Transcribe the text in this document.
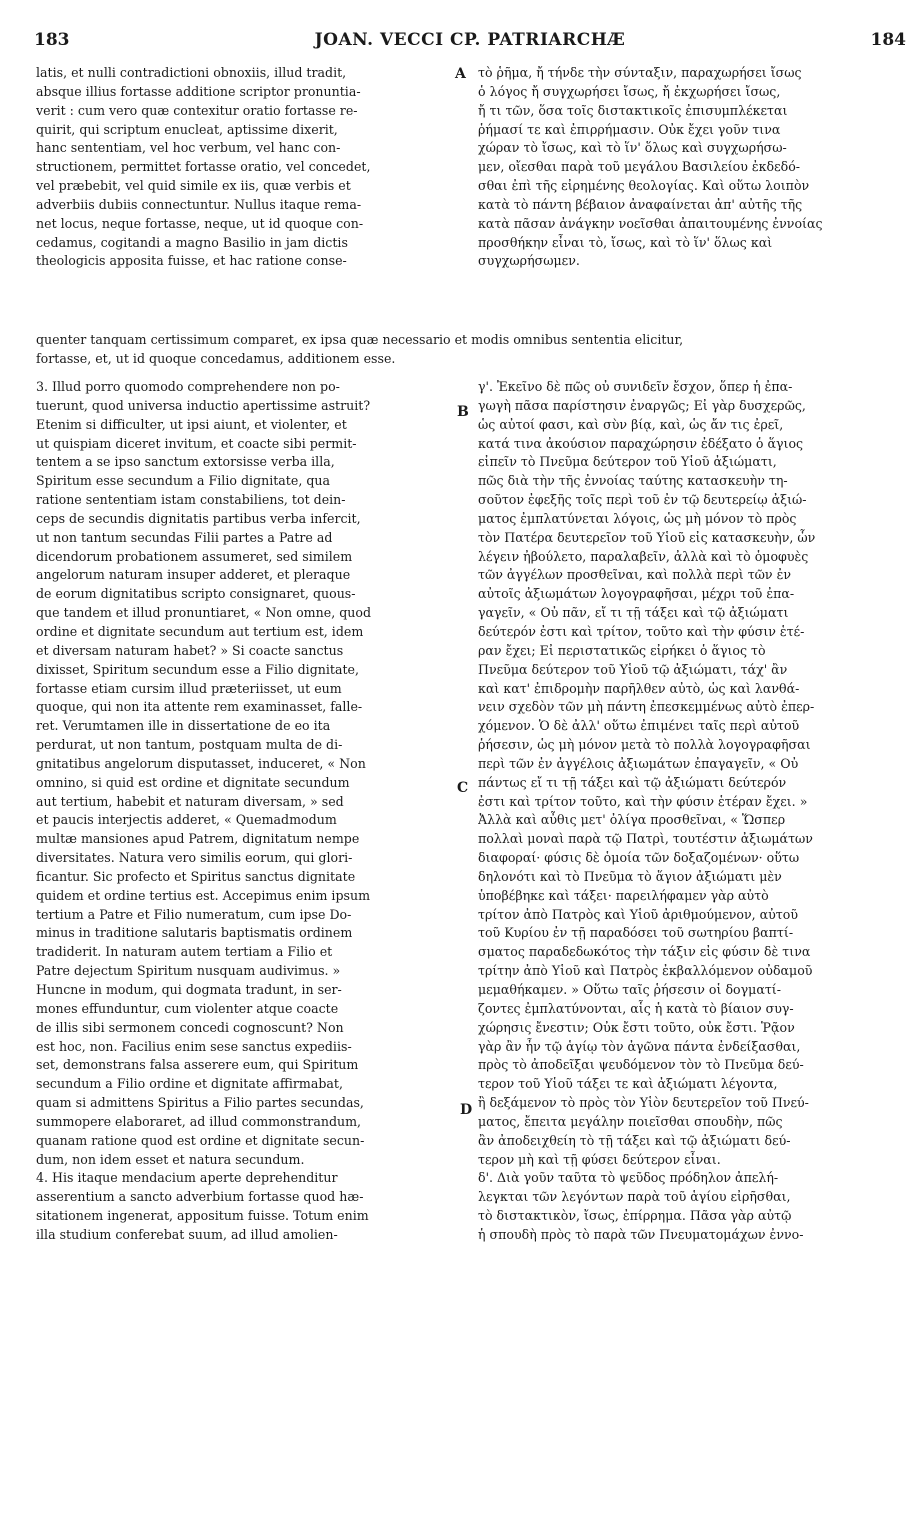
183	JOAN. VECCI CP. PATRIARCHÆ	184
A
B
C
D
latis, et nulli contradictioni obnoxiis, illud tradit,
absque illius fortasse additione scriptor pronuntia-
verit : cum vero quæ contexitur oratio fortasse re-
quirit, qui scriptum enucleat, aptissime dixerit,
hanc sententiam, vel hoc verbum, vel hanc con-
structionem, permittet fortasse oratio, vel concedet,
vel præbebit, vel quid simile ex iis, quæ verbis et
adverbiis dubiis connectuntur. Nullus itaque rema-
net locus, neque fortasse, neque, ut id quoque con-
cedamus, cogitandi a magno Basilio in jam dictis
theologicis apposita fuisse, et hac ratione conse-
τὸ ῥῆμα, ἤ τήνδε τὴν σύνταξιν, παραχωρήσει ἴσως
ὁ λόγος ἤ συγχωρήσει ἴσως, ἤ ἐκχωρήσει ἴσως,
ἤ τι τῶν, ὅσα τοῖς διστακτικοῖς ἐπισυμπλέκεται
ῥήμασί τε καὶ ἐπιρρήμασιν. Οὐκ ἔχει γοῦν τινα
χώραν τὸ ἴσως, καὶ τὸ ἵν' ὅλως καὶ συγχωρήσω-
μεν, οἴεσθαι παρὰ τοῦ μεγάλου Βασιλείου ἐκδεδό-
σθαι ἐπὶ τῆς εἰρημένης θεολογίας. Καὶ οὕτω λοιπὸν
κατὰ τὸ πάντη βέβαιον ἀναφαίνεται ἀπ' αὐτῆς τῆς
κατὰ πᾶσαν ἀνάγκην νοεῖσθαι ἀπαιτουμένης ἐννοίας
προσθήκην εἶναι τὸ, ἴσως, καὶ τὸ ἵν' ὅλως καὶ
συγχωρήσωμεν.
quenter tanquam certissimum comparet, ex ipsa quæ necessario et modis omnibus sententia elicitur,
fortasse, et, ut id quoque concedamus, additionem esse.
3. Illud porro quomodo comprehendere non po-
tuerunt, quod universa inductio apertissime astruit?
Etenim si difficulter, ut ipsi aiunt, et violenter, et
ut quispiam diceret invitum, et coacte sibi permit-
tentem a se ipso sanctum extorsisse verba illa,
Spiritum esse secundum a Filio dignitate, qua
ratione sententiam istam constabiliens, tot dein-
ceps de secundis dignitatis partibus verba infercit,
ut non tantum secundas Filii partes a Patre ad
dicendorum probationem assumeret, sed similem
angelorum naturam insuper adderet, et pleraque
de eorum dignitatibus scripto consignaret, quous-
que tandem et illud pronuntiaret, « Non omne, quod
ordine et dignitate secundum aut tertium est, idem
et diversam naturam habet? » Si coacte sanctus
dixisset, Spiritum secundum esse a Filio dignitate,
fortasse etiam cursim illud præteriisset, ut eum
quoque, qui non ita attente rem examinasset, falle-
ret. Verumtamen ille in dissertatione de eo ita
perdurat, ut non tantum, postquam multa de di-
gnitatibus angelorum disputasset, induceret, « Non
omnino, si quid est ordine et dignitate secundum
aut tertium, habebit et naturam diversam, » sed
et paucis interjectis adderet, « Quemadmodum
multæ mansiones apud Patrem, dignitatum nempe
diversitates. Natura vero similis eorum, qui glori-
ficantur. Sic profecto et Spiritus sanctus dignitate
quidem et ordine tertius est. Accepimus enim ipsum
tertium a Patre et Filio numeratum, cum ipse Do-
minus in traditione salutaris baptismatis ordinem
tradiderit. In naturam autem tertiam a Filio et
Patre dejectum Spiritum nusquam audivimus. »
Huncne in modum, qui dogmata tradunt, in ser-
mones effunduntur, cum violenter atque coacte
de illis sibi sermonem concedi cognoscunt? Non
est hoc, non. Facilius enim sese sanctus expediis-
set, demonstrans falsa asserere eum, qui Spiritum
secundum a Filio ordine et dignitate affirmabat,
quam si admittens Spiritus a Filio partes secundas,
summopere elaboraret, ad illud commonstrandum,
quanam ratione quod est ordine et dignitate secun-
dum, non idem esset et natura secundum.
4. His itaque mendacium aperte deprehenditur
asserentium a sancto adverbium fortasse quod hæ-
sitationem ingenerat, appositum fuisse. Totum enim
illa studium conferebat suum, ad illud amolien-
γ'. Ἐκεῖνο δὲ πῶς οὐ συνιδεῖν ἔσχον, ὅπερ ἡ ἐπα-
γωγὴ πᾶσα παρίστησιν ἐναργῶς; Εἰ γὰρ δυσχερῶς,
ὡς αὐτοί φασι, καὶ σὺν βίᾳ, καὶ, ὡς ἄν τις ἐρεῖ,
κατά τινα ἀκούσιον παραχώρησιν ἐδέξατο ὁ ἅγιος
εἰπεῖν τὸ Πνεῦμα δεύτερον τοῦ Υἱοῦ ἀξιώματι,
πῶς διὰ τὴν τῆς ἐννοίας ταύτης κατασκευὴν τη-
σοῦτον ἐφεξῆς τοῖς περὶ τοῦ ἐν τῷ δευτερείῳ ἀξιώ-
ματος ἐμπλατύνεται λόγοις, ὡς μὴ μόνον τὸ πρὸς
τὸν Πατέρα δευτερεῖον τοῦ Υἱοῦ εἰς κατασκευὴν, ὧν
λέγειν ἠβούλετο, παραλαβεῖν, ἀλλὰ καὶ τὸ ὁμοφυὲς
τῶν ἀγγέλων προσθεῖναι, καὶ πολλὰ περὶ τῶν ἐν
αὐτοῖς ἀξιωμάτων λογογραφῆσαι, μέχρι τοῦ ἐπα-
γαγεῖν, « Οὐ πᾶν, εἴ τι τῇ τάξει καὶ τῷ ἀξιώματι
δεύτερόν ἐστι καὶ τρίτον, τοῦτο καὶ τὴν φύσιν ἑτέ-
ραν ἔχει; Εἰ περιστατικῶς εἰρήκει ὁ ἅγιος τὸ
Πνεῦμα δεύτερον τοῦ Υἱοῦ τῷ ἀξιώματι, τάχ' ἂν
καὶ κατ' ἐπιδρομὴν παρῆλθεν αὐτὸ, ὡς καὶ λανθά-
νειν σχεδὸν τῶν μὴ πάντη ἐπεσκεμμένως αὐτὸ ἐπερ-
χόμενον. Ὁ δὲ ἀλλ' οὕτω ἐπιμένει ταῖς περὶ αὐτοῦ
ῥήσεσιν, ὡς μὴ μόνον μετὰ τὸ πολλὰ λογογραφῆσαι
περὶ τῶν ἐν ἀγγέλοις ἀξιωμάτων ἐπαγαγεῖν, « Οὐ
πάντως εἴ τι τῇ τάξει καὶ τῷ ἀξιώματι δεύτερόν
ἐστι καὶ τρίτον τοῦτο, καὶ τὴν φύσιν ἑτέραν ἔχει. »
Ἀλλὰ καὶ αὖθις μετ' ὀλίγα προσθεῖναι, « Ὥσπερ
πολλαὶ μοναὶ παρὰ τῷ Πατρὶ, τουτέστιν ἀξιωμάτων
διαφοραί· φύσις δὲ ὁμοία τῶν δοξαζομένων· οὕτω
δηλονότι καὶ τὸ Πνεῦμα τὸ ἅγιον ἀξιώματι μὲν
ὑποβέβηκε καὶ τάξει· παρειλήφαμεν γὰρ αὐτὸ
τρίτον ἀπὸ Πατρὸς καὶ Υἱοῦ ἀριθμούμενον, αὐτοῦ
τοῦ Κυρίου ἐν τῇ παραδόσει τοῦ σωτηρίου βαπτί-
σματος παραδεδωκότος τὴν τάξιν εἰς φύσιν δὲ τινα
τρίτην ἀπὸ Υἱοῦ καὶ Πατρὸς ἐκβαλλόμενον οὐδαμοῦ
μεμαθήκαμεν. » Οὕτω ταῖς ῥήσεσιν οἱ δογματί-
ζοντες ἐμπλατύνονται, αἷς ἡ κατὰ τὸ βίαιον συγ-
χώρησις ἔνεστιν; Οὐκ ἔστι τοῦτο, οὐκ ἔστι. Ῥᾷον
γὰρ ἂν ἦν τῷ ἁγίῳ τὸν ἀγῶνα πάντα ἐνδείξασθαι,
πρὸς τὸ ἀποδεῖξαι ψευδόμενον τὸν τὸ Πνεῦμα δεύ-
τερον τοῦ Υἱοῦ τάξει τε καὶ ἀξιώματι λέγοντα,
ἢ δεξάμενον τὸ πρὸς τὸν Υἱὸν δευτερεῖον τοῦ Πνεύ-
ματος, ἔπειτα μεγάλην ποιεῖσθαι σπουδὴν, πῶς
ἂν ἀποδειχθείη τὸ τῇ τάξει καὶ τῷ ἀξιώματι δεύ-
τερον μὴ καὶ τῇ φύσει δεύτερον εἶναι.
δ'. Διὰ γοῦν ταῦτα τὸ ψεῦδος πρόδηλον ἀπελή-
λεγκται τῶν λεγόντων παρὰ τοῦ ἁγίου εἰρῆσθαι,
τὸ διστακτικὸν, ἴσως, ἐπίρρημα. Πᾶσα γὰρ αὐτῷ
ἡ σπουδὴ πρὸς τὸ παρὰ τῶν Πνευματομάχων ἐννο-
